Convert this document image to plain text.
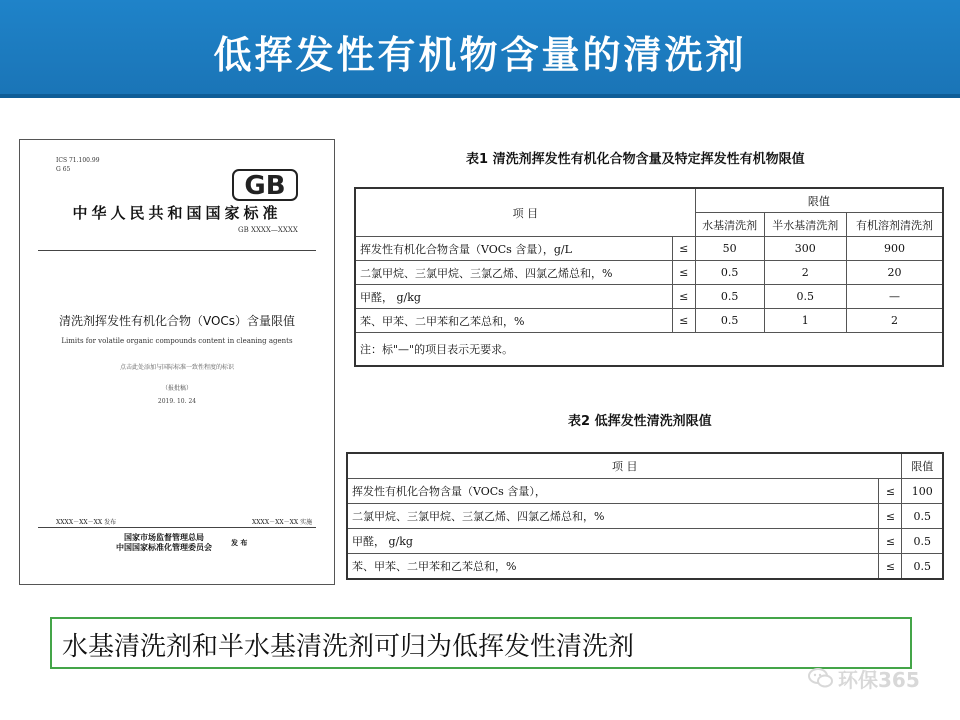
低挥发性有机物含量的清洗剂
ICS 71.100.99
G 65
GB
中华人民共和国国家标准
GB XXXX—XXXX
清洗剂挥发性有机化合物（VOCs）含量限值
Limits for volatile organic compounds content in cleaning agents
点击此处添加与国际标准一致性程度的标识
（报批稿）
2019. 10. 24
XXXX－XX－XX 发布	XXXX－XX－XX 实施
国家市场监督管理总局
中国国家标准化管理委员会	发 布
表1 清洗剂挥发性有机化合物含量及特定挥发性有机物限值
项 目		限值		
		水基清洗剂	半水基清洗剂	有机溶剂清洗剂
挥发性有机化合物含量（VOCs 含量），g/L	≤	50	300	900
二氯甲烷、三氯甲烷、三氯乙烯、四氯乙烯总和，%	≤	0.5	2	20
甲醛， g/kg	≤	0.5	0.5	—
苯、甲苯、二甲苯和乙苯总和，%	≤	0.5	1	2
注：标"—"的项目表示无要求。				
表2 低挥发性清洗剂限值
项 目		限值
挥发性有机化合物含量（VOCs 含量），	≤	100
二氯甲烷、三氯甲烷、三氯乙烯、四氯乙烯总和，%	≤	0.5
甲醛， g/kg	≤	0.5
苯、甲苯、二甲苯和乙苯总和，%	≤	0.5
水基清洗剂和半水基清洗剂可归为低挥发性清洗剂
环保365
